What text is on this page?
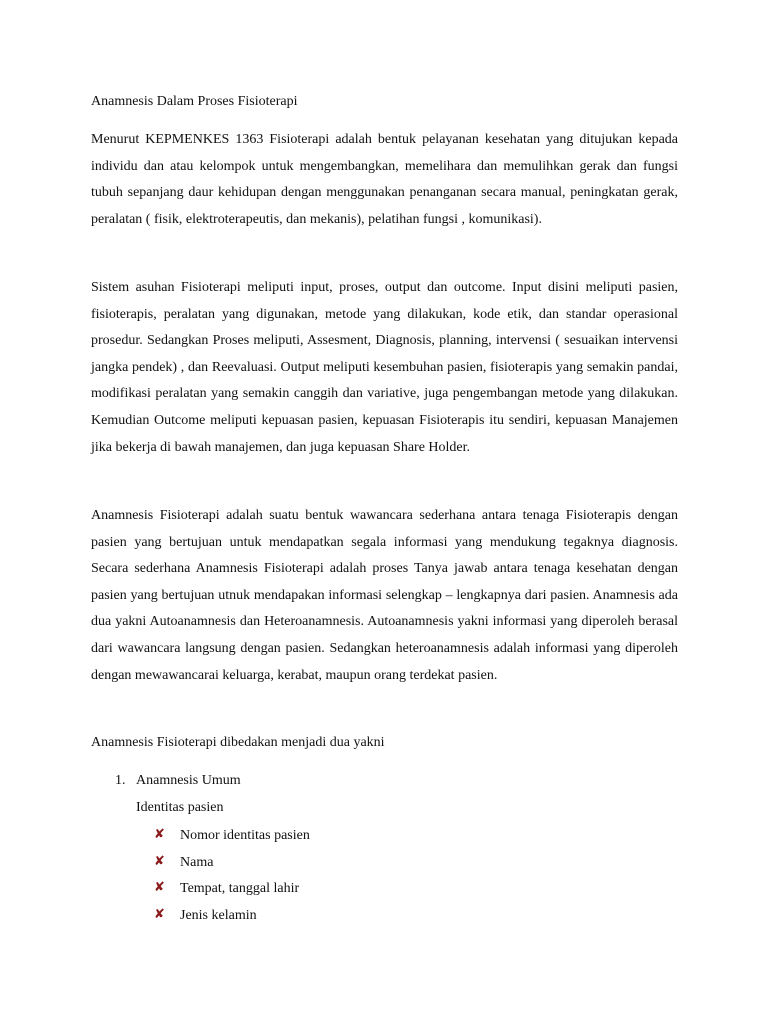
Anamnesis Dalam Proses Fisioterapi

Menurut KEPMENKES 1363 Fisioterapi adalah bentuk pelayanan kesehatan yang ditujukan kepada individu dan atau kelompok untuk mengembangkan, memelihara dan memulihkan gerak dan fungsi tubuh sepanjang daur kehidupan dengan menggunakan penanganan secara manual, peningkatan gerak, peralatan ( fisik, elektroterapeutis, dan mekanis), pelatihan fungsi , komunikasi).

Sistem asuhan Fisioterapi meliputi input, proses, output dan outcome. Input disini meliputi pasien, fisioterapis, peralatan yang digunakan, metode yang dilakukan, kode etik, dan standar operasional prosedur. Sedangkan Proses meliputi, Assesment, Diagnosis, planning, intervensi ( sesuaikan intervensi jangka pendek) , dan Reevaluasi. Output meliputi kesembuhan pasien, fisioterapis yang semakin pandai, modifikasi peralatan yang semakin canggih dan variative, juga pengembangan metode yang dilakukan. Kemudian Outcome meliputi kepuasan pasien, kepuasan Fisioterapis itu sendiri, kepuasan Manajemen jika bekerja di bawah manajemen, dan juga kepuasan Share Holder.

Anamnesis Fisioterapi adalah suatu bentuk wawancara sederhana antara tenaga Fisioterapis dengan pasien yang bertujuan untuk mendapatkan segala informasi yang mendukung tegaknya diagnosis. Secara sederhana Anamnesis Fisioterapi adalah proses Tanya jawab antara tenaga kesehatan dengan pasien yang bertujuan utnuk mendapakan informasi selengkap – lengkapnya dari pasien. Anamnesis ada dua yakni Autoanamnesis dan Heteroanamnesis. Autoanamnesis yakni informasi yang diperoleh berasal dari wawancara langsung dengan pasien. Sedangkan heteroanamnesis adalah informasi yang diperoleh dengan mewawancarai keluarga, kerabat, maupun orang terdekat pasien.

Anamnesis Fisioterapi dibedakan menjadi dua yakni
1. Anamnesis Umum
Identitas pasien
✘ Nomor identitas pasien
✘ Nama
✘ Tempat, tanggal lahir
✘ Jenis kelamin
